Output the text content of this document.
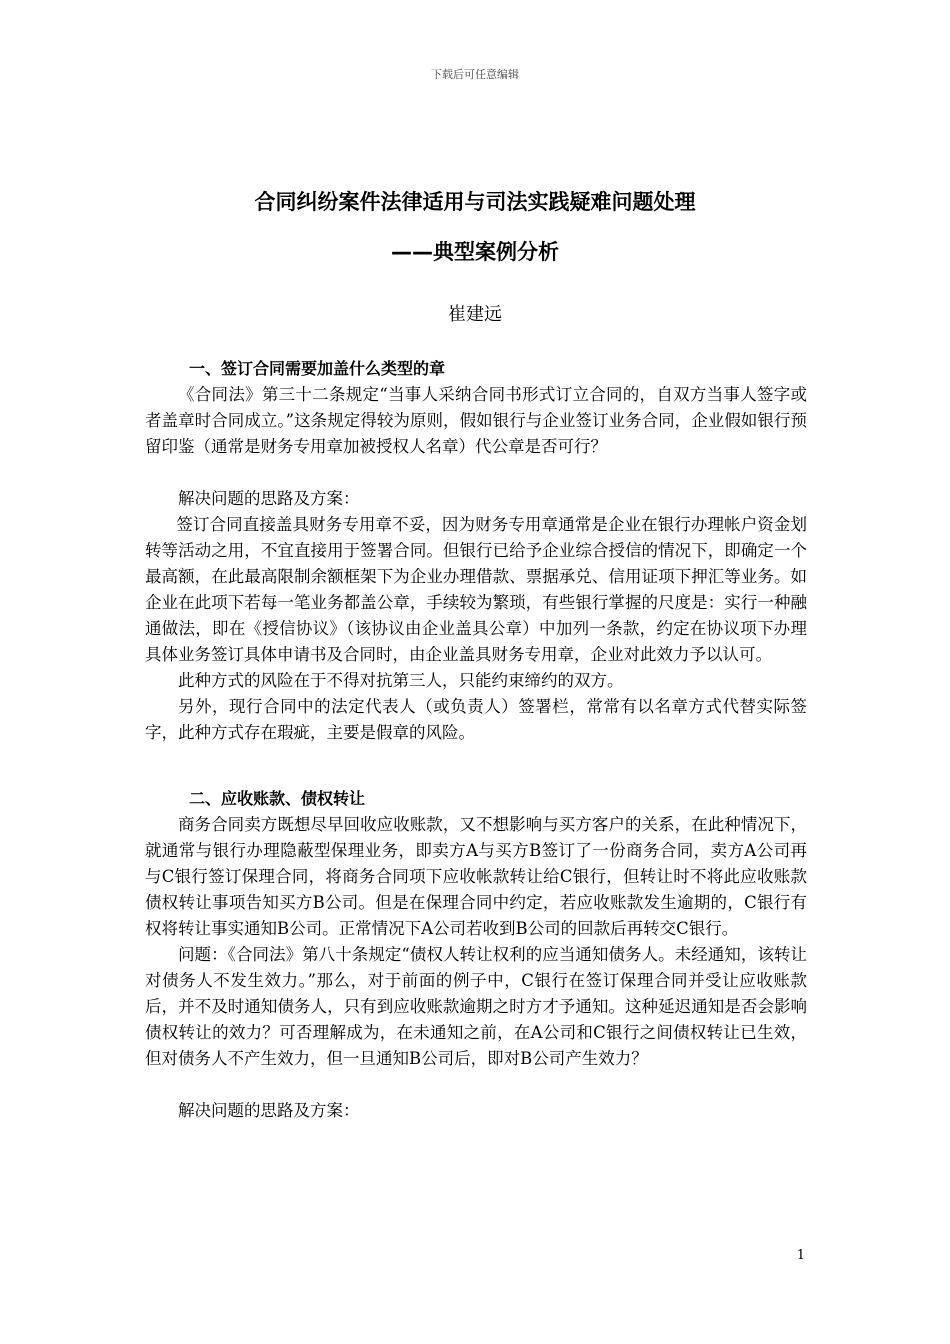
下载后可任意编辑
合同纠纷案件法律适用与司法实践疑难问题处理
——典型案例分析
崔建远
一、签订合同需要加盖什么类型的章

《合同法》第三十二条规定“当事人采纳合同书形式订立合同的，自双方当事人签字或者盖章时合同成立。”这条规定得较为原则，假如银行与企业签订业务合同，企业假如银行预留印鉴（通常是财务专用章加被授权人名章）代公章是否可行？

解决问题的思路及方案：

签订合同直接盖具财务专用章不妥，因为财务专用章通常是企业在银行办理帐户资金划转等活动之用，不宜直接用于签署合同。但银行已给予企业综合授信的情况下，即确定一个最高额，在此最高限制余额框架下为企业办理借款、票据承兑、信用证项下押汇等业务。如企业在此项下若每一笔业务都盖公章，手续较为繁琐，有些银行掌握的尺度是：实行一种融通做法，即在《授信协议》（该协议由企业盖具公章）中加列一条款，约定在协议项下办理具体业务签订具体申请书及合同时，由企业盖具财务专用章，企业对此效力予以认可。

此种方式的风险在于不得对抗第三人，只能约束缔约的双方。

另外，现行合同中的法定代表人（或负责人）签署栏，常常有以名章方式代替实际签字，此种方式存在瑕疵，主要是假章的风险。

二、应收账款、债权转让

商务合同卖方既想尽早回收应收账款，又不想影响与买方客户的关系，在此种情况下，就通常与银行办理隐蔽型保理业务，即卖方A与买方B签订了一份商务合同，卖方A公司再与C银行签订保理合同，将商务合同项下应收帐款转让给C银行，但转让时不将此应收账款债权转让事项告知买方B公司。但是在保理合同中约定，若应收账款发生逾期的，C银行有权将转让事实通知B公司。正常情况下A公司若收到B公司的回款后再转交C银行。

问题：《合同法》第八十条规定“债权人转让权利的应当通知债务人。未经通知，该转让对债务人不发生效力。”那么，对于前面的例子中，C银行在签订保理合同并受让应收账款后，并不及时通知债务人，只有到应收账款逾期之时方才予通知。这种延迟通知是否会影响债权转让的效力？可否理解成为，在未通知之前，在A公司和C银行之间债权转让已生效，但对债务人不产生效力，但一旦通知B公司后，即对B公司产生效力？

解决问题的思路及方案：

1
